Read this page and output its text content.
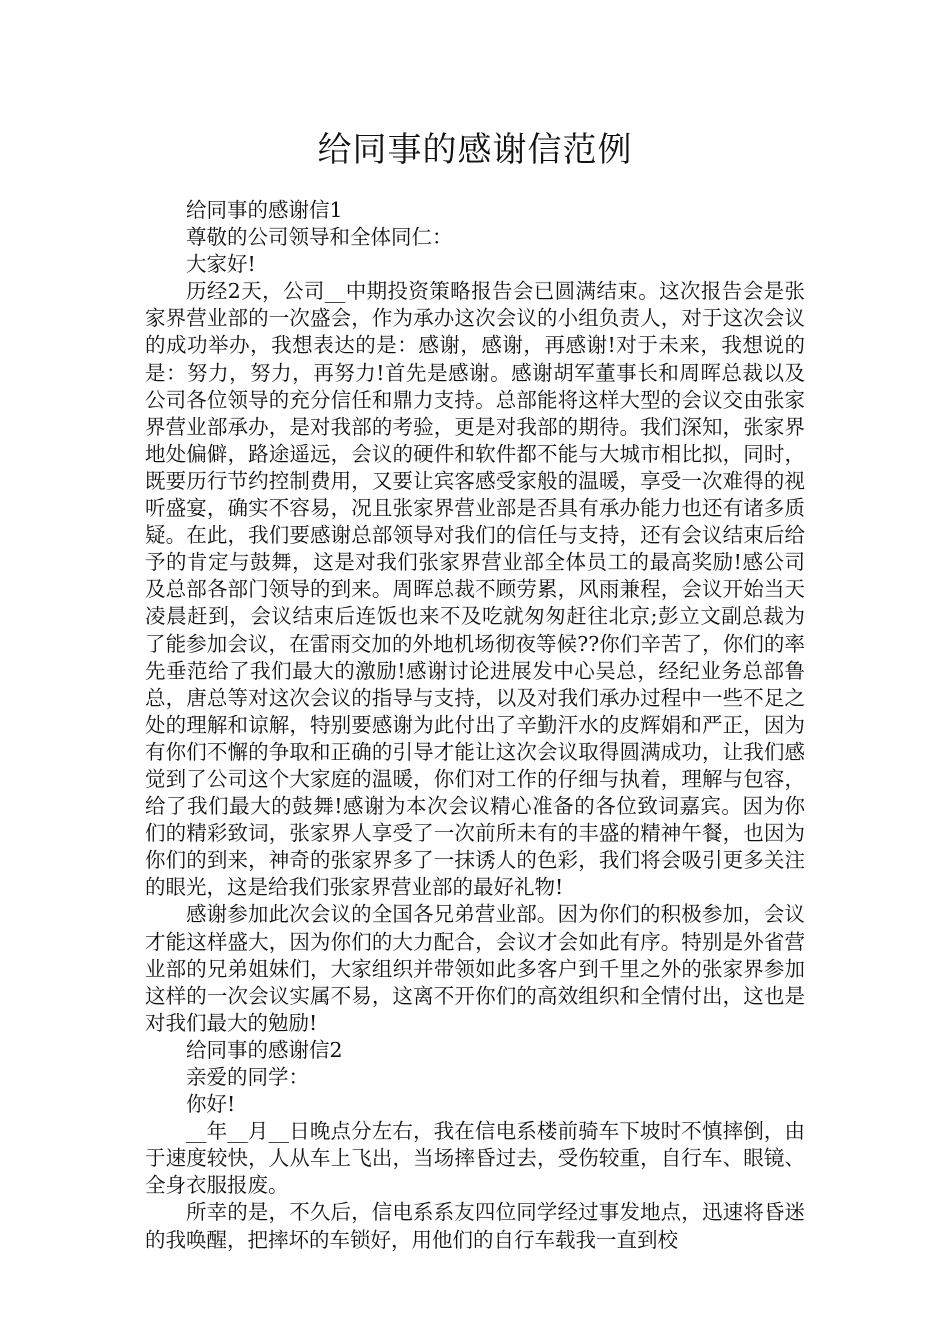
给同事的感谢信范例

给同事的感谢信1

尊敬的公司领导和全体同仁：

大家好!

历经2天，公司__中期投资策略报告会已圆满结束。这次报告会是张家界营业部的一次盛会，作为承办这次会议的小组负责人，对于这次会议的成功举办，我想表达的是：感谢，感谢，再感谢!对于未来，我想说的是：努力，努力，再努力!首先是感谢。感谢胡军董事长和周晖总裁以及公司各位领导的充分信任和鼎力支持。总部能将这样大型的会议交由张家界营业部承办，是对我部的考验，更是对我部的期待。我们深知，张家界地处偏僻，路途遥远，会议的硬件和软件都不能与大城市相比拟，同时，既要历行节约控制费用，又要让宾客感受家般的温暖，享受一次难得的视听盛宴，确实不容易，况且张家界营业部是否具有承办能力也还有诸多质疑。在此，我们要感谢总部领导对我们的信任与支持，还有会议结束后给予的肯定与鼓舞，这是对我们张家界营业部全体员工的最高奖励!感公司及总部各部门领导的到来。周晖总裁不顾劳累，风雨兼程，会议开始当天凌晨赶到，会议结束后连饭也来不及吃就匆匆赶往北京;彭立文副总裁为了能参加会议，在雷雨交加的外地机场彻夜等候??你们辛苦了，你们的率先垂范给了我们最大的激励!感谢讨论进展发中心吴总，经纪业务总部鲁总，唐总等对这次会议的指导与支持，以及对我们承办过程中一些不足之处的理解和谅解，特别要感谢为此付出了辛勤汗水的皮辉娟和严正，因为有你们不懈的争取和正确的引导才能让这次会议取得圆满成功，让我们感觉到了公司这个大家庭的温暖，你们对工作的仔细与执着，理解与包容，给了我们最大的鼓舞!感谢为本次会议精心准备的各位致词嘉宾。因为你们的精彩致词，张家界人享受了一次前所未有的丰盛的精神午餐，也因为你们的到来，神奇的张家界多了一抹诱人的色彩，我们将会吸引更多关注的眼光，这是给我们张家界营业部的最好礼物!

感谢参加此次会议的全国各兄弟营业部。因为你们的积极参加，会议才能这样盛大，因为你们的大力配合，会议才会如此有序。特别是外省营业部的兄弟姐妹们，大家组织并带领如此多客户到千里之外的张家界参加这样的一次会议实属不易，这离不开你们的高效组织和全情付出，这也是对我们最大的勉励!

给同事的感谢信2

亲爱的同学：

你好!

__年__月__日晚点分左右，我在信电系楼前骑车下坡时不慎摔倒，由于速度较快，人从车上飞出，当场摔昏过去，受伤较重，自行车、眼镜、全身衣服报废。

所幸的是，不久后，信电系系友四位同学经过事发地点，迅速将昏迷的我唤醒，把摔坏的车锁好，用他们的自行车载我一直到校
